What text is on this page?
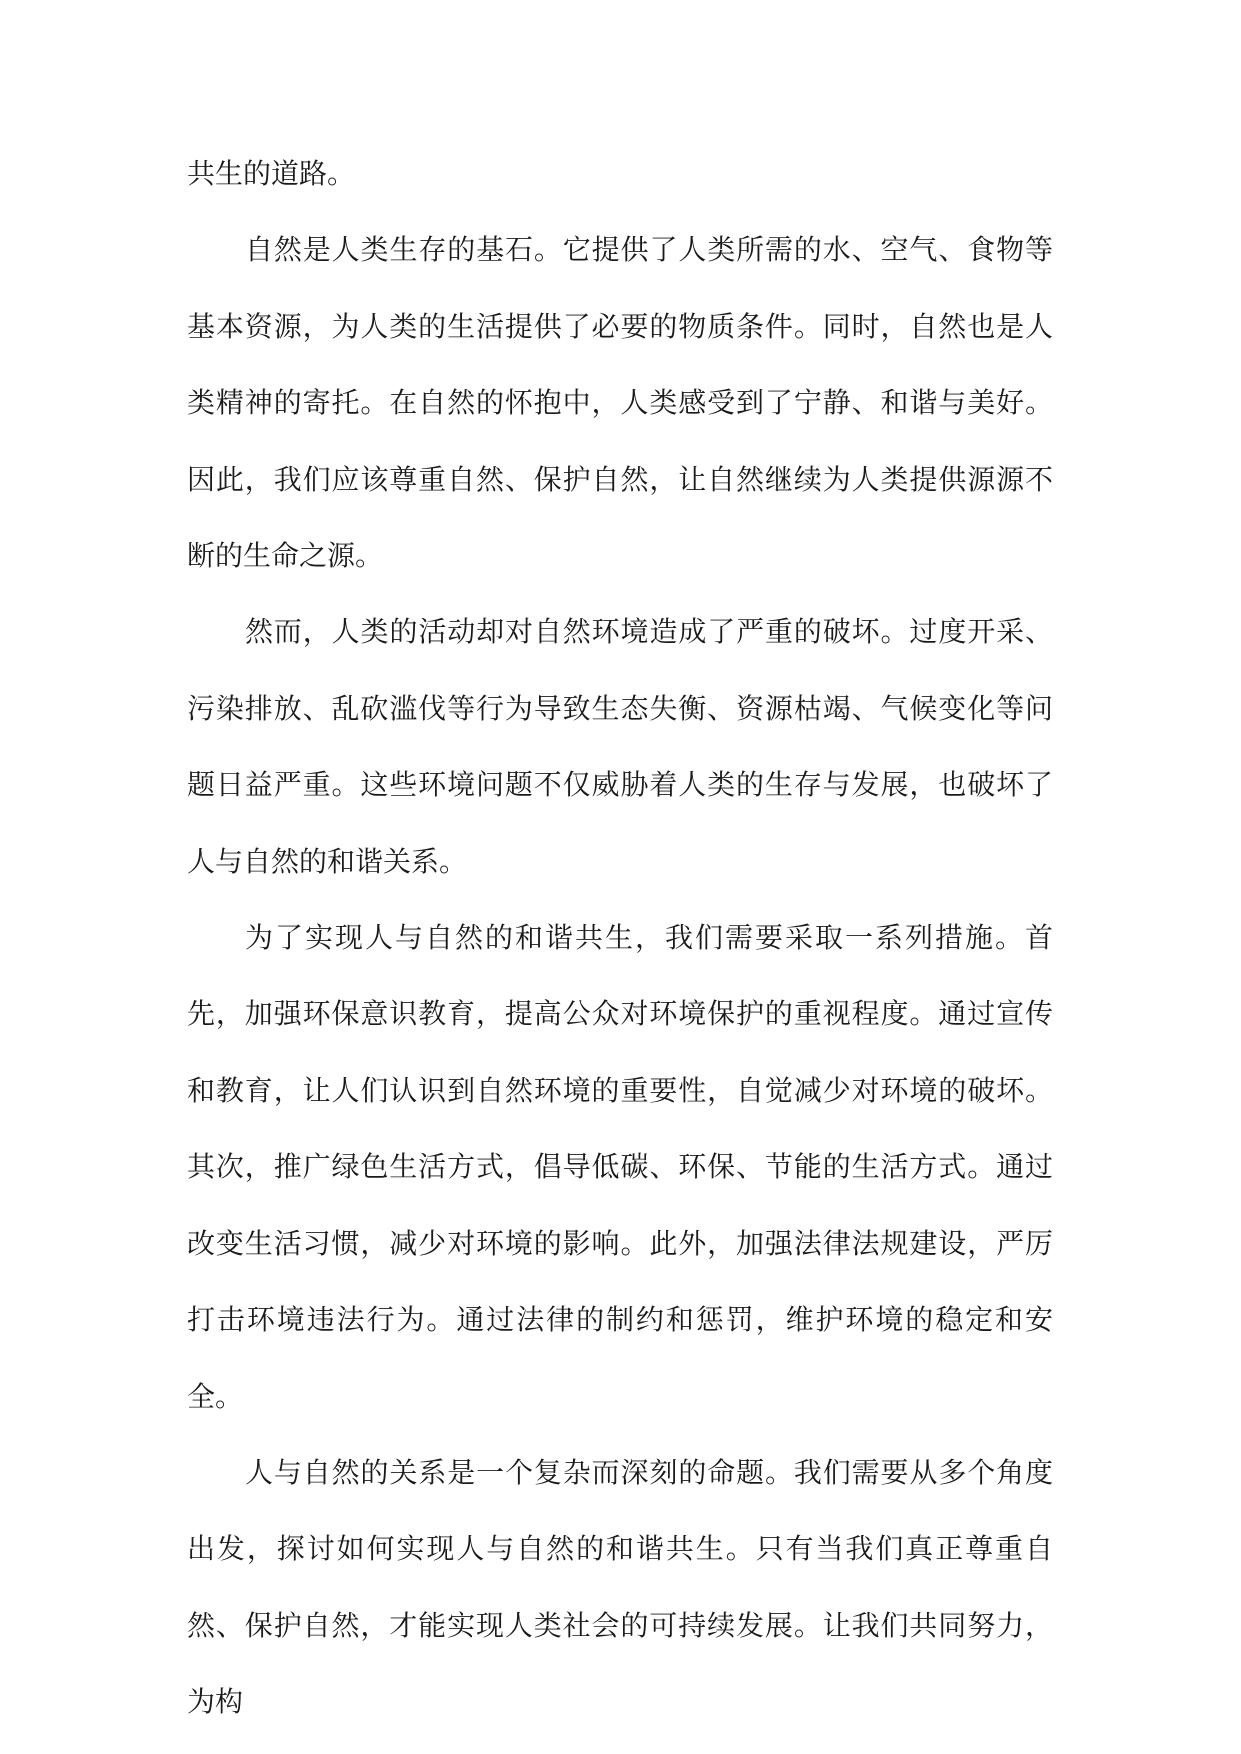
共生的道路。

自然是人类生存的基石。它提供了人类所需的水、空气、食物等基本资源，为人类的生活提供了必要的物质条件。同时，自然也是人类精神的寄托。在自然的怀抱中，人类感受到了宁静、和谐与美好。因此，我们应该尊重自然、保护自然，让自然继续为人类提供源源不断的生命之源。

然而，人类的活动却对自然环境造成了严重的破坏。过度开采、污染排放、乱砍滥伐等行为导致生态失衡、资源枯竭、气候变化等问题日益严重。这些环境问题不仅威胁着人类的生存与发展，也破坏了人与自然的和谐关系。

为了实现人与自然的和谐共生，我们需要采取一系列措施。首先，加强环保意识教育，提高公众对环境保护的重视程度。通过宣传和教育，让人们认识到自然环境的重要性，自觉减少对环境的破坏。其次，推广绿色生活方式，倡导低碳、环保、节能的生活方式。通过改变生活习惯，减少对环境的影响。此外，加强法律法规建设，严厉打击环境违法行为。通过法律的制约和惩罚，维护环境的稳定和安全。

人与自然的关系是一个复杂而深刻的命题。我们需要从多个角度出发，探讨如何实现人与自然的和谐共生。只有当我们真正尊重自然、保护自然，才能实现人类社会的可持续发展。让我们共同努力，为构
